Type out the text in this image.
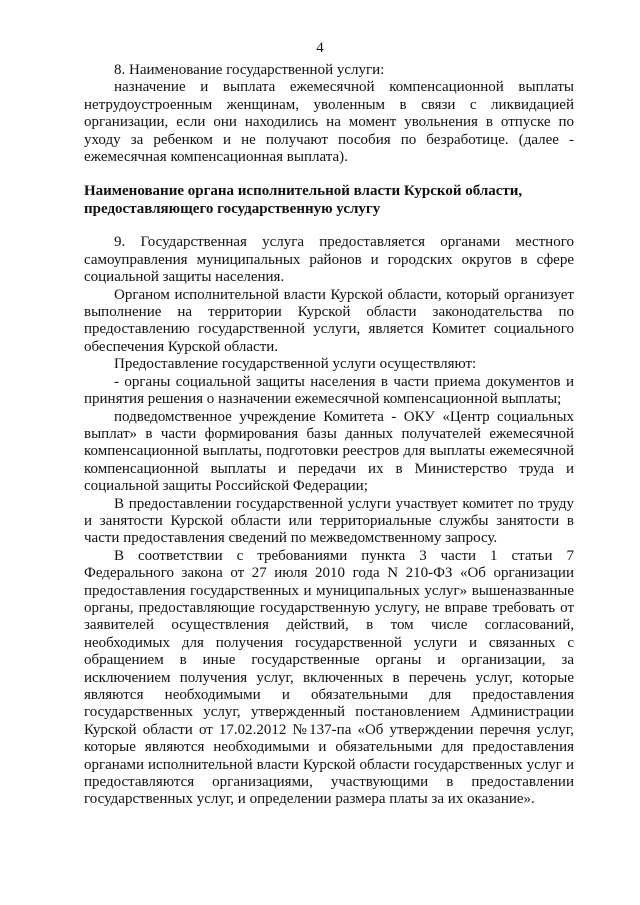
4

8. Наименование государственной услуги:

назначение и выплата ежемесячной компенсационной выплаты нетрудоустроенным женщинам, уволенным в связи с ликвидацией организации, если они находились на момент увольнения в отпуске по уходу за ребенком и не получают пособия по безработице. (далее - ежемесячная компенсационная выплата).

Наименование органа исполнительной власти Курской области,
предоставляющего государственную услугу

9. Государственная услуга предоставляется органами местного самоуправления муниципальных районов и городских округов в сфере социальной защиты населения.

Органом исполнительной власти Курской области, который организует выполнение на территории Курской области законодательства по предоставлению государственной услуги, является Комитет социального обеспечения Курской области.

Предоставление государственной услуги осуществляют:

- органы социальной защиты населения в части приема документов и принятия решения о назначении ежемесячной компенсационной выплаты;

подведомственное учреждение Комитета - ОКУ «Центр социальных выплат» в части формирования базы данных получателей ежемесячной компенсационной выплаты, подготовки реестров для выплаты ежемесячной компенсационной выплаты и передачи их в Министерство труда и социальной защиты Российской Федерации;

В предоставлении государственной услуги участвует комитет по труду и занятости Курской области или территориальные службы занятости в части предоставления сведений по межведомственному запросу.

В соответствии с требованиями пункта 3 части 1 статьи 7 Федерального закона от 27 июля 2010 года N 210-ФЗ «Об организации предоставления государственных и муниципальных услуг» вышеназванные органы, предоставляющие государственную услугу, не вправе требовать от заявителей осуществления действий, в том числе согласований, необходимых для получения государственной услуги и связанных с обращением в иные государственные органы и организации, за исключением получения услуг, включенных в перечень услуг, которые являются необходимыми и обязательными для предоставления государственных услуг, утвержденный постановлением Администрации Курской области от 17.02.2012 №137-па «Об утверждении перечня услуг, которые являются необходимыми и обязательными для предоставления органами исполнительной власти Курской области государственных услуг и предоставляются организациями, участвующими в предоставлении государственных услуг, и определении размера платы за их оказание».
